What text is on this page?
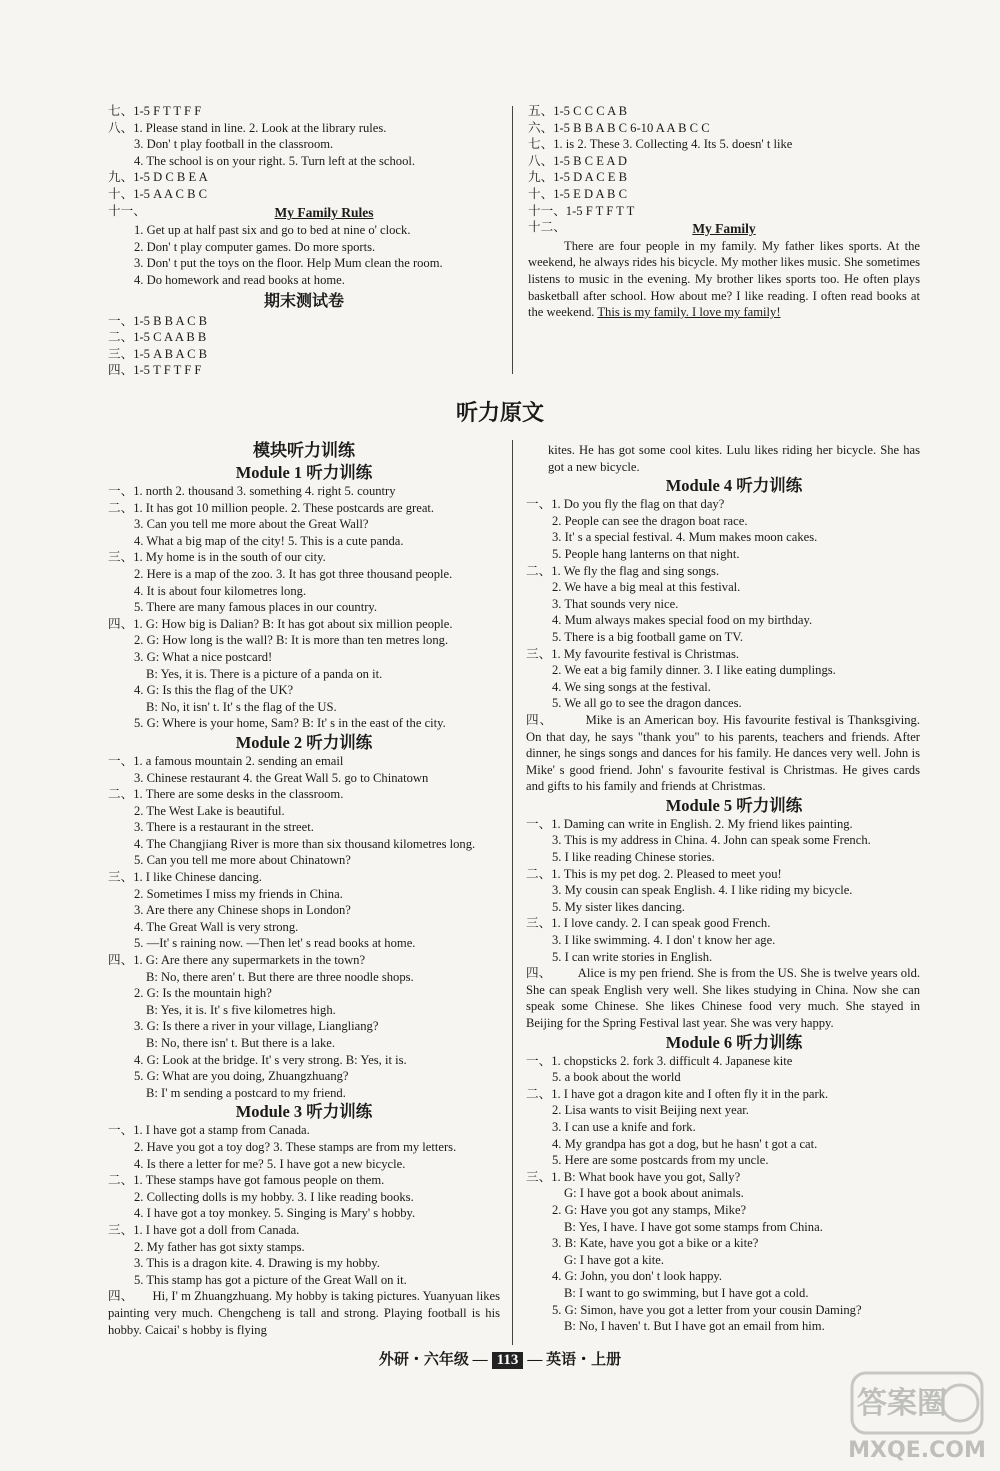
七、1-5 F T T F F
八、1. Please stand in line. 2. Look at the library rules.
3. Don' t play football in the classroom.
4. The school is on your right. 5. Turn left at the school.
九、1-5 D C B E A
十、1-5 A A C B C
十一、	My Family Rules
1. Get up at half past six and go to bed at nine o' clock.
2. Don' t play computer games. Do more sports.
3. Don' t put the toys on the floor. Help Mum clean the room.
4. Do homework and read books at home.
期末测试卷
一、1-5 B B A C B
二、1-5 C A A B B
三、1-5 A B A C B
四、1-5 T F T F F
五、1-5 C C C A B
六、1-5 B B A B C 6-10 A A B C C
七、1. is 2. These 3. Collecting 4. Its 5. doesn' t like
八、1-5 B C E A D
九、1-5 D A C E B
十、1-5 E D A B C
十一、1-5 F T F T T
十二、	My Family
There are four people in my family. My father likes sports. At the weekend, he always rides his bicycle. My mother likes music. She sometimes listens to music in the evening. My brother likes sports too. He often plays basketball after school. How about me? I like reading. I often read books at the weekend. This is my family. I love my family!
听力原文
模块听力训练
Module 1 听力训练
一、1. north 2. thousand 3. something 4. right 5. country
二、1. It has got 10 million people. 2. These postcards are great.
3. Can you tell me more about the Great Wall?
4. What a big map of the city! 5. This is a cute panda.
三、1. My home is in the south of our city.
2. Here is a map of the zoo. 3. It has got three thousand people.
4. It is about four kilometres long.
5. There are many famous places in our country.
四、1. G: How big is Dalian? B: It has got about six million people.
2. G: How long is the wall? B: It is more than ten metres long.
3. G: What a nice postcard!
B: Yes, it is. There is a picture of a panda on it.
4. G: Is this the flag of the UK?
B: No, it isn' t. It' s the flag of the US.
5. G: Where is your home, Sam? B: It' s in the east of the city.
Module 2 听力训练
一、1. a famous mountain 2. sending an email
3. Chinese restaurant 4. the Great Wall 5. go to Chinatown
二、1. There are some desks in the classroom.
2. The West Lake is beautiful.
3. There is a restaurant in the street.
4. The Changjiang River is more than six thousand kilometres long.
5. Can you tell me more about Chinatown?
三、1. I like Chinese dancing.
2. Sometimes I miss my friends in China.
3. Are there any Chinese shops in London?
4. The Great Wall is very strong.
5. —It' s raining now. —Then let' s read books at home.
四、1. G: Are there any supermarkets in the town?
B: No, there aren' t. But there are three noodle shops.
2. G: Is the mountain high?
B: Yes, it is. It' s five kilometres high.
3. G: Is there a river in your village, Liangliang?
B: No, there isn' t. But there is a lake.
4. G: Look at the bridge. It' s very strong. B: Yes, it is.
5. G: What are you doing, Zhuangzhuang?
B: I' m sending a postcard to my friend.
Module 3 听力训练
一、1. I have got a stamp from Canada.
2. Have you got a toy dog? 3. These stamps are from my letters.
4. Is there a letter for me? 5. I have got a new bicycle.
二、1. These stamps have got famous people on them.
2. Collecting dolls is my hobby. 3. I like reading books.
4. I have got a toy monkey. 5. Singing is Mary' s hobby.
三、1. I have got a doll from Canada.
2. My father has got sixty stamps.
3. This is a dragon kite. 4. Drawing is my hobby.
5. This stamp has got a picture of the Great Wall on it.
四、 Hi, I' m Zhuangzhuang. My hobby is taking pictures. Yuanyuan likes painting very much. Chengcheng is tall and strong. Playing football is his hobby. Caicai' s hobby is flying
kites. He has got some cool kites. Lulu likes riding her bicycle. She has got a new bicycle.
Module 4 听力训练
一、1. Do you fly the flag on that day?
2. People can see the dragon boat race.
3. It' s a special festival. 4. Mum makes moon cakes.
5. People hang lanterns on that night.
二、1. We fly the flag and sing songs.
2. We have a big meal at this festival.
3. That sounds very nice.
4. Mum always makes special food on my birthday.
5. There is a big football game on TV.
三、1. My favourite festival is Christmas.
2. We eat a big family dinner. 3. I like eating dumplings.
4. We sing songs at the festival.
5. We all go to see the dragon dances.
四、	Mike is an American boy. His favourite festival is Thanksgiving. On that day, he says "thank you" to his parents, teachers and friends. After dinner, he sings songs and dances for his family. He dances very well. John is Mike' s good friend. John' s favourite festival is Christmas. He gives cards and gifts to his family and friends at Christmas.
Module 5 听力训练
一、1. Daming can write in English. 2. My friend likes painting.
3. This is my address in China. 4. John can speak some French.
5. I like reading Chinese stories.
二、1. This is my pet dog. 2. Pleased to meet you!
3. My cousin can speak English. 4. I like riding my bicycle.
5. My sister likes dancing.
三、1. I love candy. 2. I can speak good French.
3. I like swimming. 4. I don' t know her age.
5. I can write stories in English.
四、 Alice is my pen friend. She is from the US. She is twelve years old. She can speak English very well. She likes studying in China. Now she can speak some Chinese. She likes Chinese food very much. She stayed in Beijing for the Spring Festival last year. She was very happy.
Module 6 听力训练
一、1. chopsticks 2. fork 3. difficult 4. Japanese kite
5. a book about the world
二、1. I have got a dragon kite and I often fly it in the park.
2. Lisa wants to visit Beijing next year.
3. I can use a knife and fork.
4. My grandpa has got a dog, but he hasn' t got a cat.
5. Here are some postcards from my uncle.
三、1. B: What book have you got, Sally?
G: I have got a book about animals.
2. G: Have you got any stamps, Mike?
B: Yes, I have. I have got some stamps from China.
3. B: Kate, have you got a bike or a kite?
G: I have got a kite.
4. G: John, you don' t look happy.
B: I want to go swimming, but I have got a cold.
5. G: Simon, have you got a letter from your cousin Daming?
B: No, I haven' t. But I have got an email from him.
外研・六年级 — 113 — 英语・上册
答案圈
MXQE.COM
